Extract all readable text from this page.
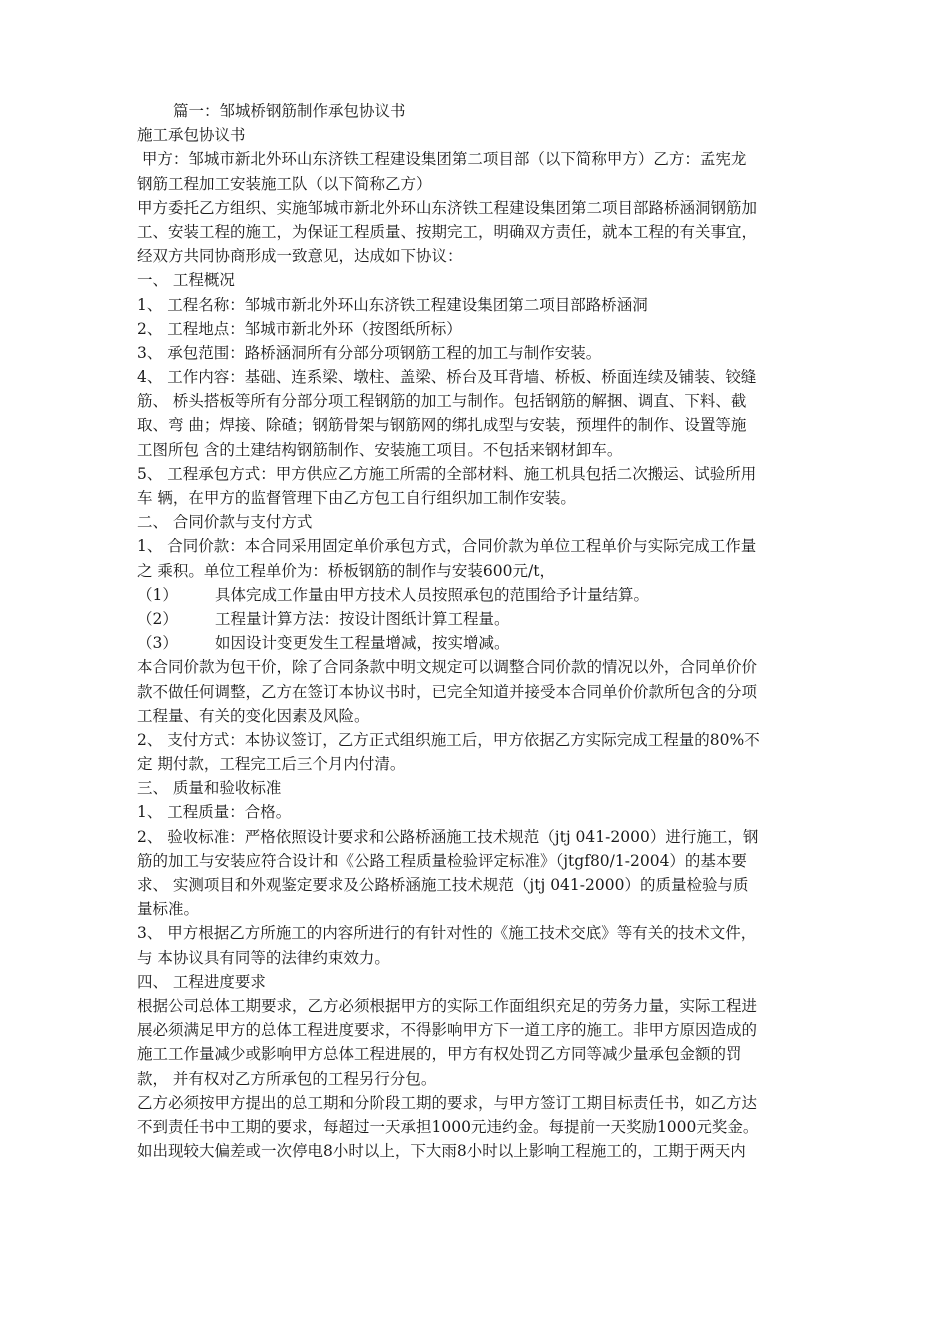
篇一：邹城桥钢筋制作承包协议书
施工承包协议书
甲方：邹城市新北外环山东济铁工程建设集团第二项目部（以下简称甲方）乙方：孟宪龙
钢筋工程加工安装施工队（以下简称乙方）
甲方委托乙方组织、实施邹城市新北外环山东济铁工程建设集团第二项目部路桥涵洞钢筋加
工、安装工程的施工，为保证工程质量、按期完工，明确双方责任，就本工程的有关事宜，
经双方共同协商形成一致意见，达成如下协议：
一、 工程概况
1、 工程名称：邹城市新北外环山东济铁工程建设集团第二项目部路桥涵洞
2、 工程地点：邹城市新北外环（按图纸所标）
3、 承包范围：路桥涵洞所有分部分项钢筋工程的加工与制作安装。
4、 工作内容：基础、连系梁、墩柱、盖梁、桥台及耳背墙、桥板、桥面连续及铺装、铰缝
筋、 桥头搭板等所有分部分项工程钢筋的加工与制作。包括钢筋的解捆、调直、下料、截
取、弯 曲；焊接、除碴；钢筋骨架与钢筋网的绑扎成型与安装，预埋件的制作、设置等施
工图所包 含的土建结构钢筋制作、安装施工项目。不包括来钢材卸车。
5、 工程承包方式：甲方供应乙方施工所需的全部材料、施工机具包括二次搬运、试验所用
车 辆，在甲方的监督管理下由乙方包工自行组织加工制作安装。
二、 合同价款与支付方式
1、 合同价款：本合同采用固定单价承包方式，合同价款为单位工程单价与实际完成工作量
之 乘积。单位工程单价为：桥板钢筋的制作与安装600元/t，
（1）	具体完成工作量由甲方技术人员按照承包的范围给予计量结算。
（2）	工程量计算方法：按设计图纸计算工程量。
（3）	如因设计变更发生工程量增减，按实增减。
本合同价款为包干价，除了合同条款中明文规定可以调整合同价款的情况以外，合同单价价
款不做任何调整，乙方在签订本协议书时，已完全知道并接受本合同单价价款所包含的分项
工程量、有关的变化因素及风险。
2、 支付方式：本协议签订，乙方正式组织施工后，甲方依据乙方实际完成工程量的80%不
定 期付款，工程完工后三个月内付清。
三、 质量和验收标准
1、 工程质量：合格。
2、 验收标准：严格依照设计要求和公路桥涵施工技术规范（jtj 041-2000）进行施工，钢
筋的加工与安装应符合设计和《公路工程质量检验评定标准》（jtgf80/1-2004）的基本要
求、 实测项目和外观鉴定要求及公路桥涵施工技术规范（jtj 041-2000）的质量检验与质
量标准。
3、 甲方根据乙方所施工的内容所进行的有针对性的《施工技术交底》等有关的技术文件，
与 本协议具有同等的法律约束效力。
四、 工程进度要求
根据公司总体工期要求，乙方必须根据甲方的实际工作面组织充足的劳务力量，实际工程进
展必须满足甲方的总体工程进度要求，不得影响甲方下一道工序的施工。非甲方原因造成的
施工工作量减少或影响甲方总体工程进展的，甲方有权处罚乙方同等减少量承包金额的罚
款， 并有权对乙方所承包的工程另行分包。
乙方必须按甲方提出的总工期和分阶段工期的要求，与甲方签订工期目标责任书，如乙方达
不到责任书中工期的要求，每超过一天承担1000元违约金。每提前一天奖励1000元奖金。
如出现较大偏差或一次停电8小时以上，下大雨8小时以上影响工程施工的，工期于两天内
